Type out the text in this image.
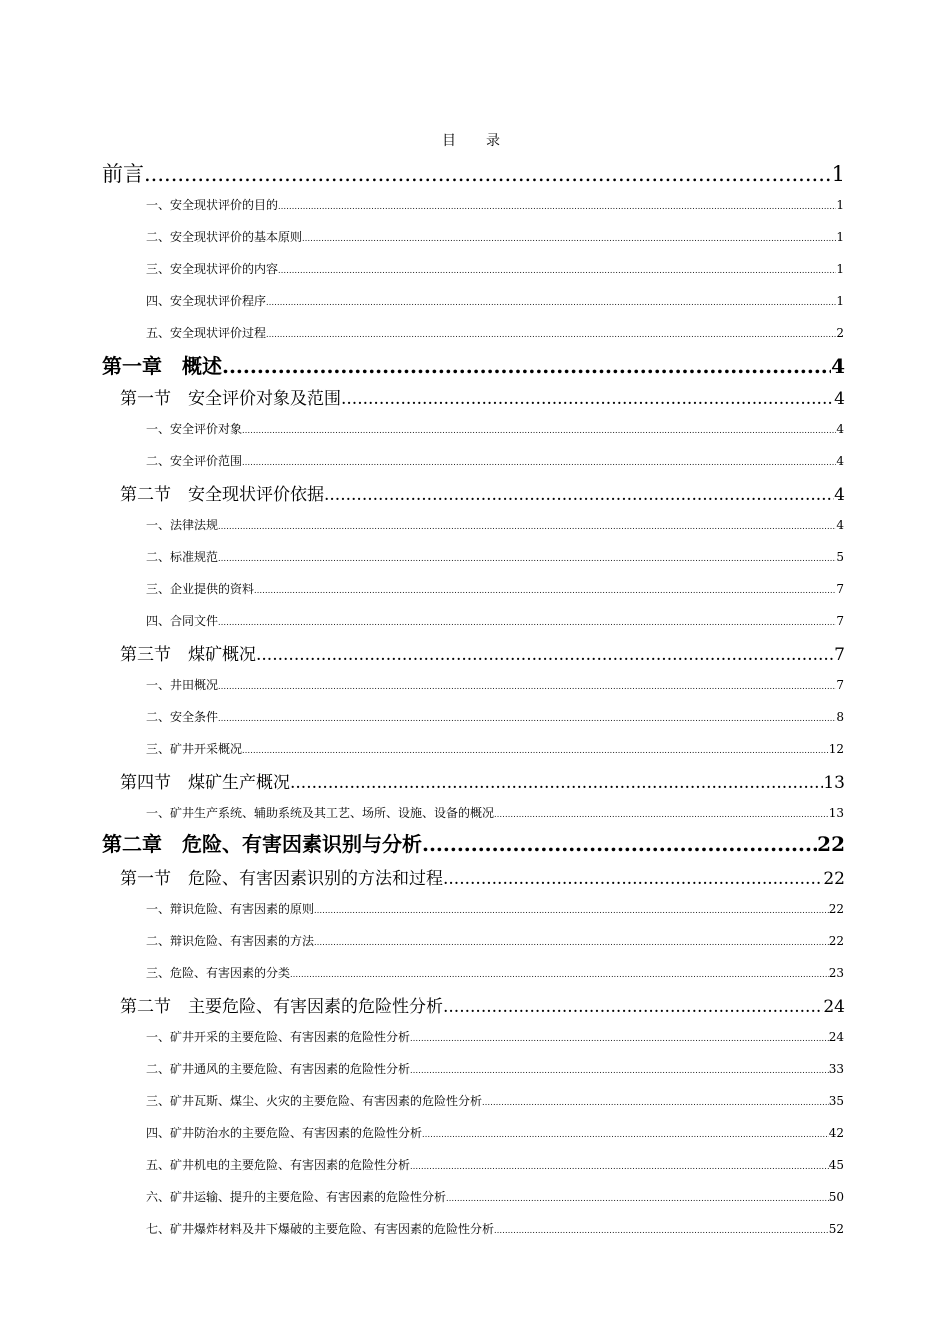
目　录
前言 .....	1
一、安全现状评价的目的 .....	1
二、安全现状评价的基本原则 .....	1
三、安全现状评价的内容 .....	1
四、安全现状评价程序 .....	1
五、安全现状评价过程 .....	2
第一章　概述 .....	4
第一节　安全评价对象及范围 .....	4
一、安全评价对象 .....	4
二、安全评价范围 .....	4
第二节　安全现状评价依据 .....	4
一、法律法规 .....	4
二、标准规范 .....	5
三、企业提供的资料 .....	7
四、合同文件 .....	7
第三节　煤矿概况 .....	7
一、井田概况 .....	7
二、安全条件 .....	8
三、矿井开采概况 .....	12
第四节　煤矿生产概况 .....	13
一、矿井生产系统、辅助系统及其工艺、场所、设施、设备的概况 .....	13
第二章　危险、有害因素识别与分析 .....	22
第一节　危险、有害因素识别的方法和过程 .....	22
一、辩识危险、有害因素的原则 .....	22
二、辩识危险、有害因素的方法 .....	22
三、危险、有害因素的分类 .....	23
第二节　主要危险、有害因素的危险性分析 .....	24
一、矿井开采的主要危险、有害因素的危险性分析 .....	24
二、矿井通风的主要危险、有害因素的危险性分析 .....	33
三、矿井瓦斯、煤尘、火灾的主要危险、有害因素的危险性分析 .....	35
四、矿井防治水的主要危险、有害因素的危险性分析 .....	42
五、矿井机电的主要危险、有害因素的危险性分析 .....	45
六、矿井运输、提升的主要危险、有害因素的危险性分析 .....	50
七、矿井爆炸材料及井下爆破的主要危险、有害因素的危险性分析 .....	52
